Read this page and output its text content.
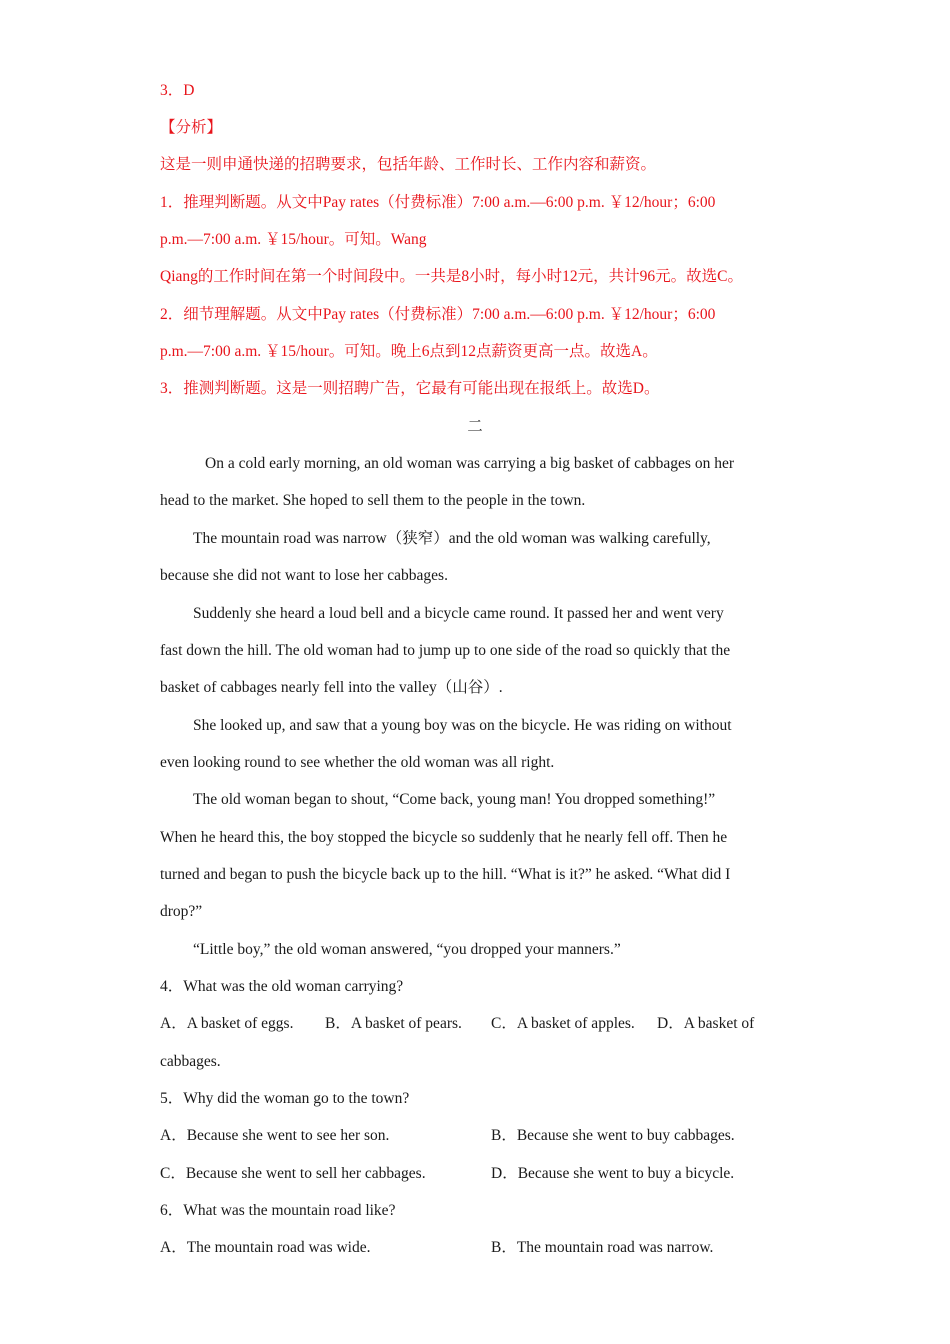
3．D
【分析】
这是一则申通快递的招聘要求，包括年龄、工作时长、工作内容和薪资。
1．推理判断题。从文中Pay rates（付费标准）7:00 a.m.—6:00 p.m. ￥12/hour；6:00
p.m.—7:00 a.m. ￥15/hour。可知。Wang
Qiang的工作时间在第一个时间段中。一共是8小时，每小时12元，共计96元。故选C。
2．细节理解题。从文中Pay rates（付费标准）7:00 a.m.—6:00 p.m. ￥12/hour；6:00
p.m.—7:00 a.m. ￥15/hour。可知。晚上6点到12点薪资更高一点。故选A。
3．推测判断题。这是一则招聘广告，它最有可能出现在报纸上。故选D。
二
On a cold early morning, an old woman was carrying a big basket of cabbages on her
head to the market. She hoped to sell them to the people in the town.
The mountain road was narrow（狭窄）and the old woman was walking carefully,
because she did not want to lose her cabbages.
Suddenly she heard a loud bell and a bicycle came round. It passed her and went very
fast down the hill. The old woman had to jump up to one side of the road so quickly that the
basket of cabbages nearly fell into the valley（山谷）.
She looked up, and saw that a young boy was on the bicycle. He was riding on without
even looking round to see whether the old woman was all right.
The old woman began to shout, “Come back, young man! You dropped something!”
When he heard this, the boy stopped the bicycle so suddenly that he nearly fell off. Then he
turned and began to push the bicycle back up to the hill. “What is it?” he asked. “What did I
drop?”
“Little boy,” the old woman answered, “you dropped your manners.”
4．What was the old woman carrying?
A．A basket of eggs. B．A basket of pears. C．A basket of apples. D．A basket of
cabbages.
5．Why did the woman go to the town?
A．Because she went to see her son.	B．Because she went to buy cabbages.
C．Because she went to sell her cabbages.	D．Because she went to buy a bicycle.
6．What was the mountain road like?
A．The mountain road was wide.	B．The mountain road was narrow.
